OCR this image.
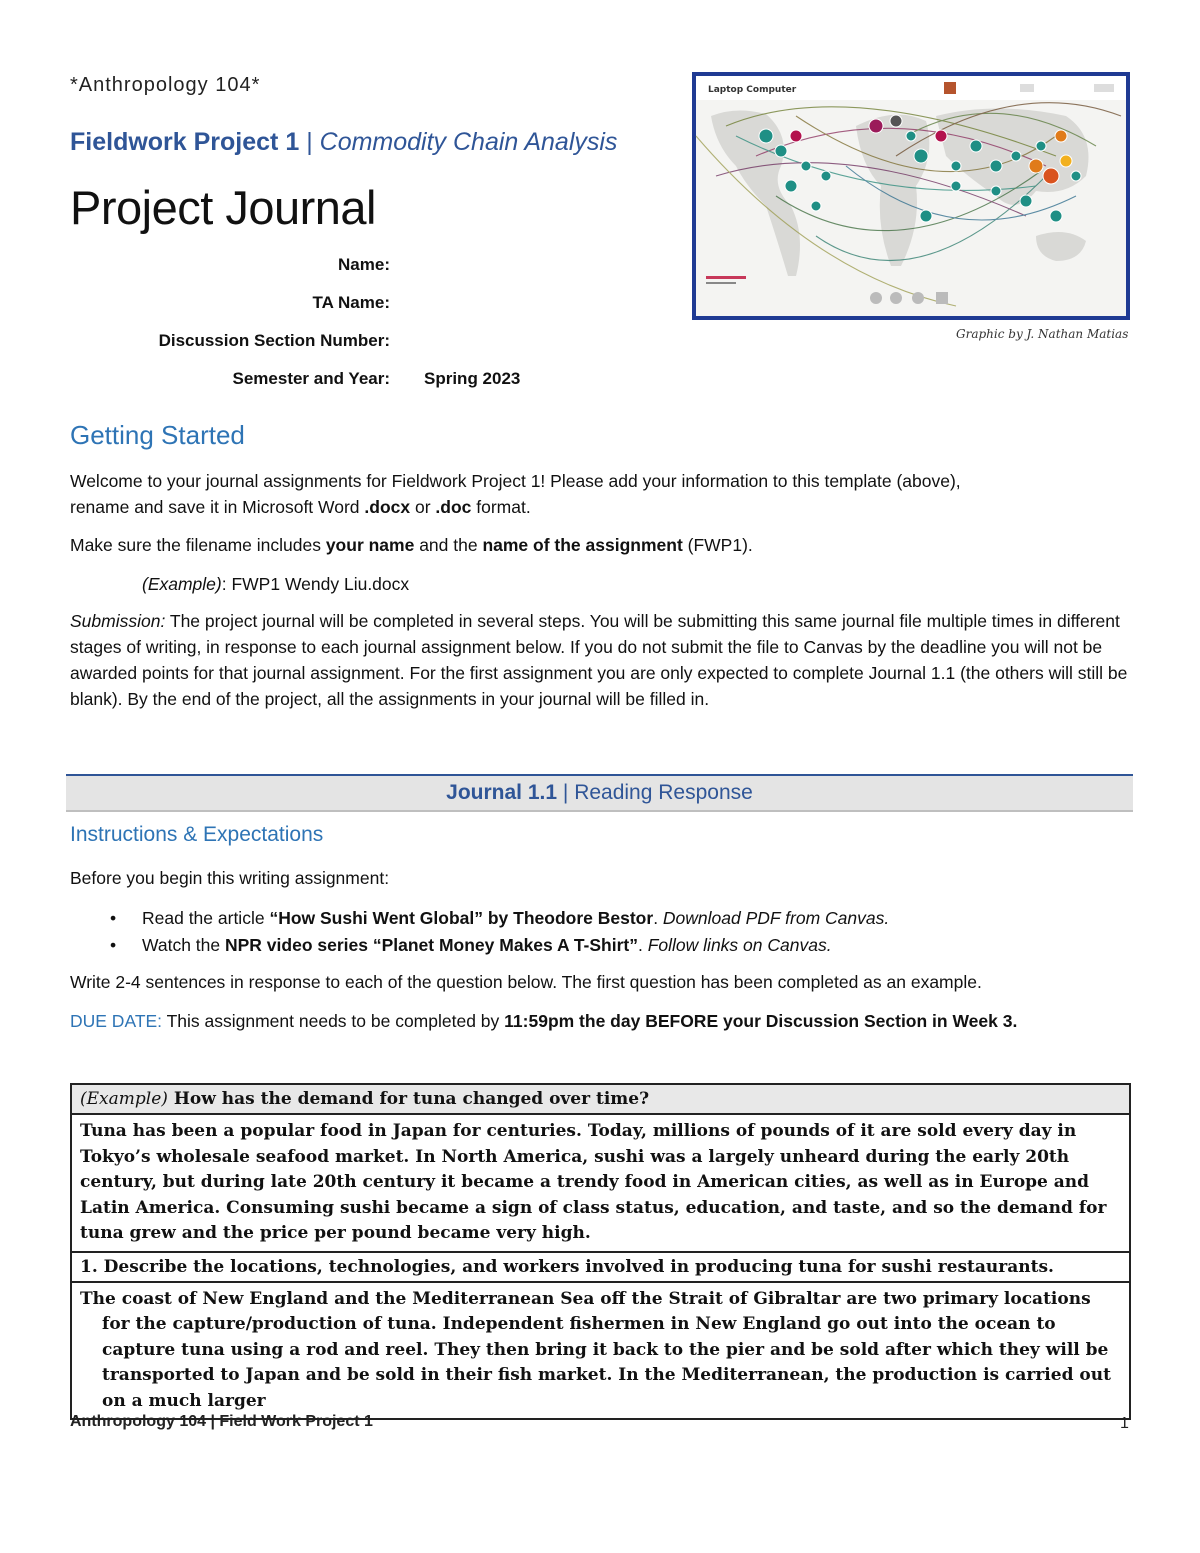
*Anthropology 104*
Fieldwork Project 1 | Commodity Chain Analysis
Project Journal
Name:
TA Name:
Discussion Section Number:
Semester and Year: Spring 2023
Laptop Computer
Graphic by J. Nathan Matias
Getting Started
Welcome to your journal assignments for Fieldwork Project 1! Please add your information to this template (above),
rename and save it in Microsoft Word .docx or .doc format.
Make sure the filename includes your name and the name of the assignment (FWP1).
(Example): FWP1 Wendy Liu.docx
Submission: The project journal will be completed in several steps. You will be submitting this same journal file multiple times in different stages of writing, in response to each journal assignment below. If you do not submit the file to Canvas by the deadline you will not be awarded points for that journal assignment. For the first assignment you are only expected to complete Journal 1.1 (the others will still be blank). By the end of the project, all the assignments in your journal will be filled in.
Journal 1.1 | Reading Response
Instructions & Expectations
Before you begin this writing assignment:
• Read the article “How Sushi Went Global” by Theodore Bestor. Download PDF from Canvas.
• Watch the NPR video series “Planet Money Makes A T-Shirt”. Follow links on Canvas.
Write 2-4 sentences in response to each of the question below. The first question has been completed as an example.
DUE DATE: This assignment needs to be completed by 11:59pm the day BEFORE your Discussion Section in Week 3.
(Example) How has the demand for tuna changed over time?
Tuna has been a popular food in Japan for centuries. Today, millions of pounds of it are sold every day in Tokyo’s wholesale seafood market. In North America, sushi was a largely unheard during the early 20th century, but during late 20th century it became a trendy food in American cities, as well as in Europe and Latin America. Consuming sushi became a sign of class status, education, and taste, and so the demand for tuna grew and the price per pound became very high.
1. Describe the locations, technologies, and workers involved in producing tuna for sushi restaurants.
The coast of New England and the Mediterranean Sea off the Strait of Gibraltar are two primary locations for the capture/production of tuna. Independent fishermen in New England go out into the ocean to capture tuna using a rod and reel. They then bring it back to the pier and be sold after which they will be transported to Japan and be sold in their fish market. In the Mediterranean, the production is carried out on a much larger
Anthropology 104 | Field Work Project 1	1
